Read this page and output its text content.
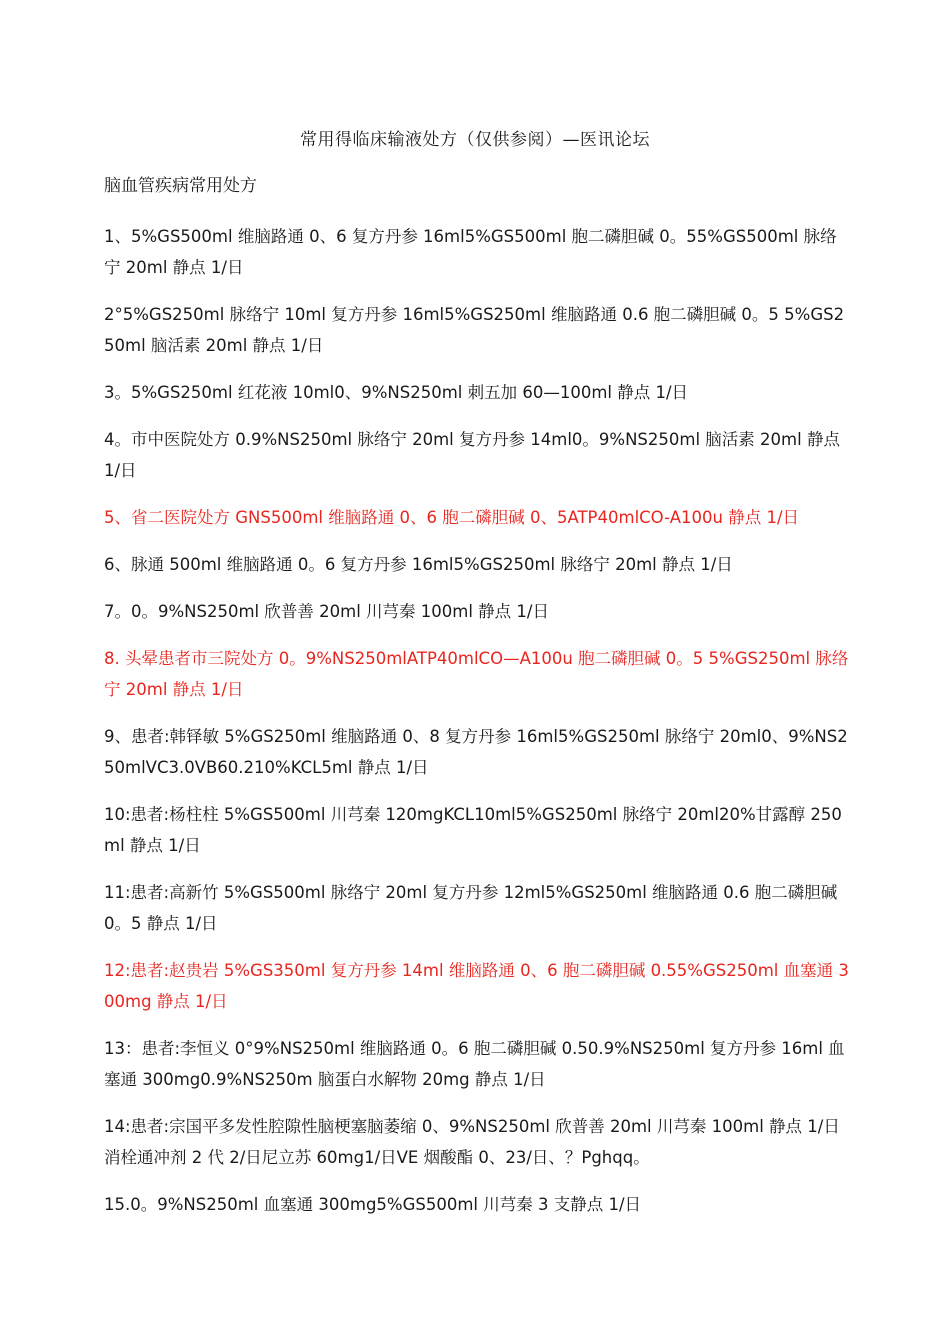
常用得临床输液处方（仅供参阅）—医讯论坛
脑血管疾病常用处方

1、5%GS500ml 维脑路通 0、6 复方丹参 16ml5%GS500ml 胞二磷胆碱 0。55%GS500ml 脉络宁 20ml 静点 1/日

2°5%GS250ml 脉络宁 10ml 复方丹参 16ml5%GS250ml 维脑路通 0.6 胞二磷胆碱 0。5 5%GS250ml 脑活素 20ml 静点 1/日

3。5%GS250ml 红花液 10ml0、9%NS250ml 刺五加 60—100ml 静点 1/日

4。市中医院处方 0.9%NS250ml 脉络宁 20ml 复方丹参 14ml0。9%NS250ml 脑活素 20ml 静点 1/日

5、省二医院处方 GNS500ml 维脑路通 0、6 胞二磷胆碱 0、5ATP40mlCO-A100u 静点 1/日

6、脉通 500ml 维脑路通 0。6 复方丹参 16ml5%GS250ml 脉络宁 20ml 静点 1/日

7。0。9%NS250ml 欣普善 20ml 川芎秦 100ml 静点 1/日

8. 头晕患者市三院处方 0。9%NS250mlATP40mlCO—A100u 胞二磷胆碱 0。5 5%GS250ml 脉络宁 20ml 静点 1/日

9、患者:韩铎敏 5%GS250ml 维脑路通 0、8 复方丹参 16ml5%GS250ml 脉络宁 20ml0、9%NS250mlVC3.0VB60.210%KCL5ml 静点 1/日

10:患者:杨柱柱 5%GS500ml 川芎秦 120mgKCL10ml5%GS250ml 脉络宁 20ml20%甘露醇 250ml 静点 1/日

11:患者:高新竹 5%GS500ml 脉络宁 20ml 复方丹参 12ml5%GS250ml 维脑路通 0.6 胞二磷胆碱 0。5 静点 1/日

12:患者:赵贵岩 5%GS350ml 复方丹参 14ml 维脑路通 0、6 胞二磷胆碱 0.55%GS250ml 血塞通 300mg 静点 1/日

13：患者:李恒义 0°9%NS250ml 维脑路通 0。6 胞二磷胆碱 0.50.9%NS250ml 复方丹参 16ml 血塞通 300mg0.9%NS250m 脑蛋白水解物 20mg 静点 1/日

14:患者:宗国平多发性腔隙性脑梗塞脑萎缩 0、9%NS250ml 欣普善 20ml 川芎秦 100ml 静点 1/日消栓通冲剂 2 代 2/日尼立苏 60mg1/日VE 烟酸酯 0、23/日、？Pghqq。

15.0。9%NS250ml 血塞通 300mg5%GS500ml 川芎秦 3 支静点 1/日
